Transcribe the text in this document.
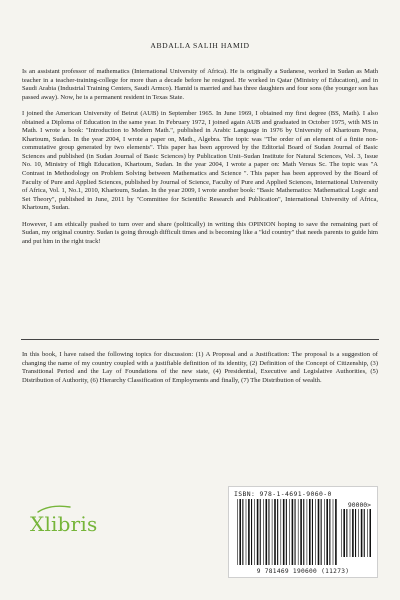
ABDALLA SALIH HAMID

Is an assistant professor of mathematics (International University of Africa). He is originally a Sudanese, worked in Sudan as Math teacher in a teacher-training-college for more than a decade before he resigned. He worked in Qatar (Ministry of Education), and in Saudi Arabia (Industrial Training Centers, Saudi Armco). Hamid is married and has three daughters and four sons (the younger son has passed away). Now, he is a permanent resident in Texas State.

I joined the American University of Beirut (AUB) in September 1965. In June 1969, I obtained my first degree (BS, Math). I also obtained a Diploma of Education in the same year. In February 1972, I joined again AUB and graduated in October 1975, with MS in Math. I wrote a book: "Introduction to Modern Math.", published in Arabic Language in 1976 by University of Khartoum Press, Khartoum, Sudan. In the year 2004, I wrote a paper on, Math., Algebra. The topic was "The order of an element of a finite non- commutative group generated by two elements". This paper has been approved by the Editorial Board of Sudan Journal of Basic Sciences and published (in Sudan Journal of Basic Sciences) by Publication Unit–Sudan Institute for Natural Sciences, Vol. 3, Issue No. 10, Ministry of High Education, Khartoum, Sudan. In the year 2004, I wrote a paper on: Math Versus Sc. The topic was "A Contrast in Methodology on Problem Solving between Mathematics and Science ". This paper has been approved by the Board of Faculty of Pure and Applied Sciences, published by Journal of Science, Faculty of Pure and Applied Sciences, International University of Africa, Vol. 1, No.1, 2010, Khartoum, Sudan. In the year 2009, I wrote another book: "Basic Mathematics: Mathematical Logic and Set Theory", published in June, 2011 by "Committee for Scientific Research and Publication", International University of Africa, Khartoum, Sudan.

However, I am ethically pushed to turn over and share (politically) in writing this OPINION hoping to save the remaining part of Sudan, my original country. Sudan is going through difficult times and is becoming like a "kid country" that needs parents to guide him and put him in the right track!

In this book, I have raised the following topics for discussion: (1) A Proposal and a Justification: The proposal is a suggestion of changing the name of my country coupled with a justifiable definition of its identity, (2) Definition of the Concept of Citizenship, (3) Transitional Period and the Lay of Foundations of the new state, (4) Presidential, Executive and Legislative Authorities, (5) Distribution of Authority, (6) Hierarchy Classification of Employments and finally, (7) The Distribution of wealth.

Xlibris
ISBN: 978-1-4691-9060-0
90000>
9 781469 190600 (11273)
